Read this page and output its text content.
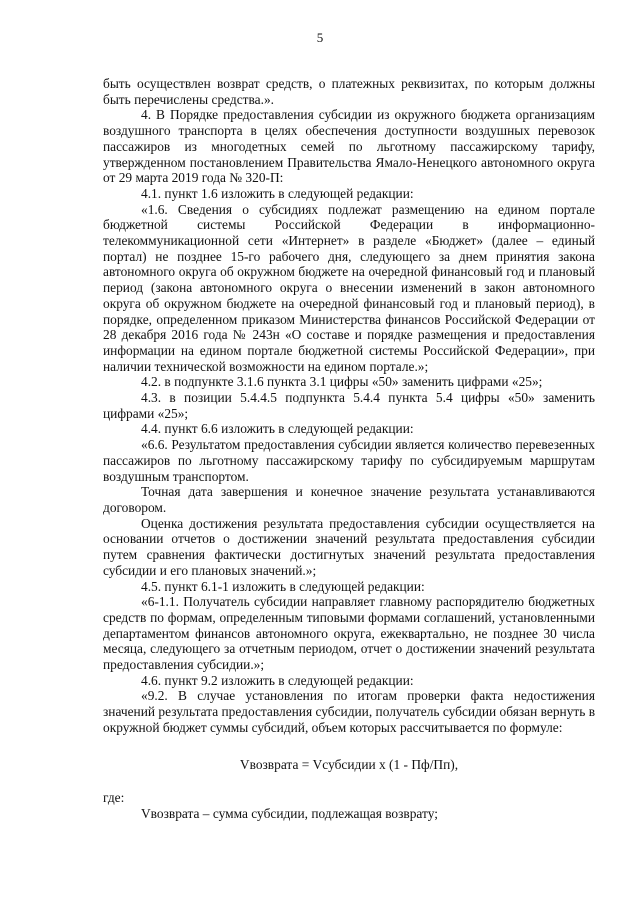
5

быть осуществлен возврат средств, о платежных реквизитах, по которым должны быть перечислены средства.».

4. В Порядке предоставления субсидии из окружного бюджета организациям воздушного транспорта в целях обеспечения доступности воздушных перевозок пассажиров из многодетных семей по льготному пассажирскому тарифу, утвержденном постановлением Правительства Ямало-Ненецкого автономного округа от 29 марта 2019 года № 320-П:

4.1. пункт 1.6 изложить в следующей редакции:

«1.6. Сведения о субсидиях подлежат размещению на едином портале бюджетной системы Российской Федерации в информационно-телекоммуникационной сети «Интернет» в разделе «Бюджет» (далее – единый портал) не позднее 15-го рабочего дня, следующего за днем принятия закона автономного округа об окружном бюджете на очередной финансовый год и плановый период (закона автономного округа о внесении изменений в закон автономного округа об окружном бюджете на очередной финансовый год и плановый период), в порядке, определенном приказом Министерства финансов Российской Федерации от 28 декабря 2016 года № 243н «О составе и порядке размещения и предоставления информации на едином портале бюджетной системы Российской Федерации», при наличии технической возможности на едином портале.»;

4.2. в подпункте 3.1.6 пункта 3.1 цифры «50» заменить цифрами «25»;

4.3. в позиции 5.4.4.5 подпункта 5.4.4 пункта 5.4 цифры «50» заменить цифрами «25»;

4.4. пункт 6.6 изложить в следующей редакции:

«6.6. Результатом предоставления субсидии является количество перевезенных пассажиров по льготному пассажирскому тарифу по субсидируемым маршрутам воздушным транспортом.

Точная дата завершения и конечное значение результата устанавливаются договором.

Оценка достижения результата предоставления субсидии осуществляется на основании отчетов о достижении значений результата предоставления субсидии путем сравнения фактически достигнутых значений результата предоставления субсидии и его плановых значений.»;

4.5. пункт 6.1-1 изложить в следующей редакции:

«6-1.1. Получатель субсидии направляет главному распорядителю бюджетных средств по формам, определенным типовыми формами соглашений, установленными департаментом финансов автономного округа, ежеквартально, не позднее 30 числа месяца, следующего за отчетным периодом, отчет о достижении значений результата предоставления субсидии.»;

4.6. пункт 9.2 изложить в следующей редакции:

«9.2. В случае установления по итогам проверки факта недостижения значений результата предоставления субсидии, получатель субсидии обязан вернуть в окружной бюджет суммы субсидий, объем которых рассчитывается по формуле:

Vвозврата = Vсубсидии x (1 - Пф/Пп),

где:

Vвозврата – сумма субсидии, подлежащая возврату;
